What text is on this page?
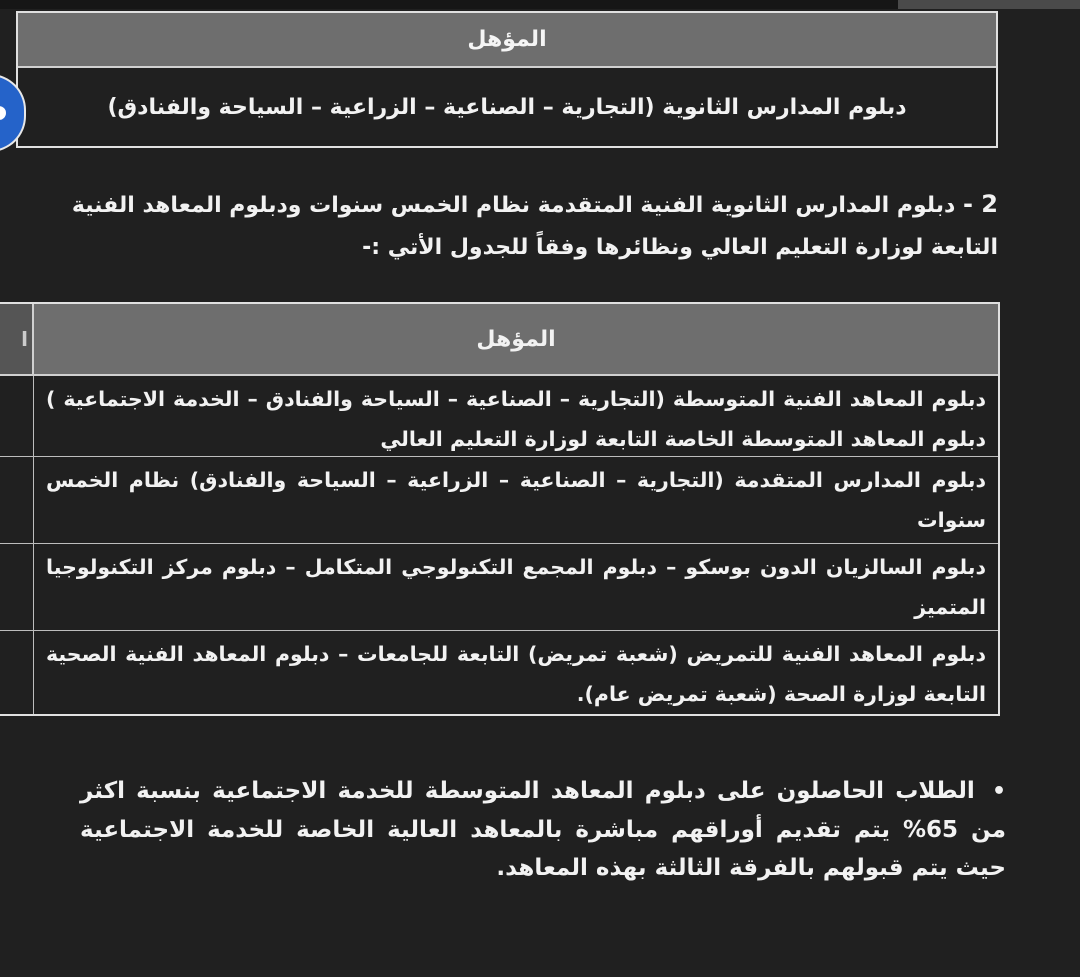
المؤهل
دبلوم المدارس الثانوية (التجارية – الصناعية – الزراعية – السياحة والفنادق)
2 - دبلوم المدارس الثانوية الفنية المتقدمة نظام الخمس سنوات ودبلوم المعاهد الفنية التابعة لوزارة التعليم العالي ونظائرها وفقاً للجدول الأتي :-
المؤهل
ا
دبلوم المعاهد الفنية المتوسطة (التجارية – الصناعية – السياحة والفنادق – الخدمة الاجتماعية ) دبلوم المعاهد المتوسطة الخاصة التابعة لوزارة التعليم العالي
دبلوم المدارس المتقدمة (التجارية – الصناعية – الزراعية – السياحة والفنادق) نظام الخمس سنوات
دبلوم السالزيان الدون بوسكو – دبلوم المجمع التكنولوجي المتكامل – دبلوم مركز التكنولوجيا المتميز
دبلوم المعاهد الفنية للتمريض (شعبة تمريض) التابعة للجامعات – دبلوم المعاهد الفنية الصحية التابعة لوزارة الصحة (شعبة تمريض عام).
• الطلاب الحاصلون على دبلوم المعاهد المتوسطة للخدمة الاجتماعية بنسبة اكثر من 65% يتم تقديم أوراقهم مباشرة بالمعاهد العالية الخاصة للخدمة الاجتماعية حيث يتم قبولهم بالفرقة الثالثة بهذه المعاهد.
